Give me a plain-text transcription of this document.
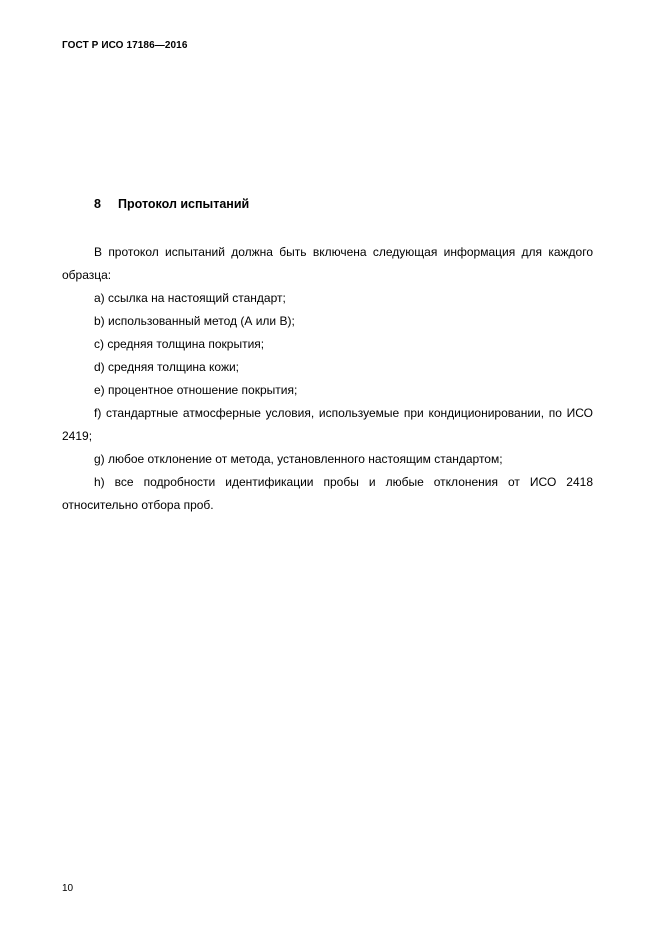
ГОСТ Р ИСО 17186—2016
8 Протокол испытаний

В протокол испытаний должна быть включена следующая информация для каждого образца:

a) ссылка на настоящий стандарт;

b) использованный метод (А или В);

c) средняя толщина покрытия;

d) средняя толщина кожи;

e) процентное отношение покрытия;

f) стандартные атмосферные условия, используемые при кондиционировании, по ИСО 2419;

g) любое отклонение от метода, установленного настоящим стандартом;

h) все подробности идентификации пробы и любые отклонения от ИСО 2418 относительно отбора проб.

10
